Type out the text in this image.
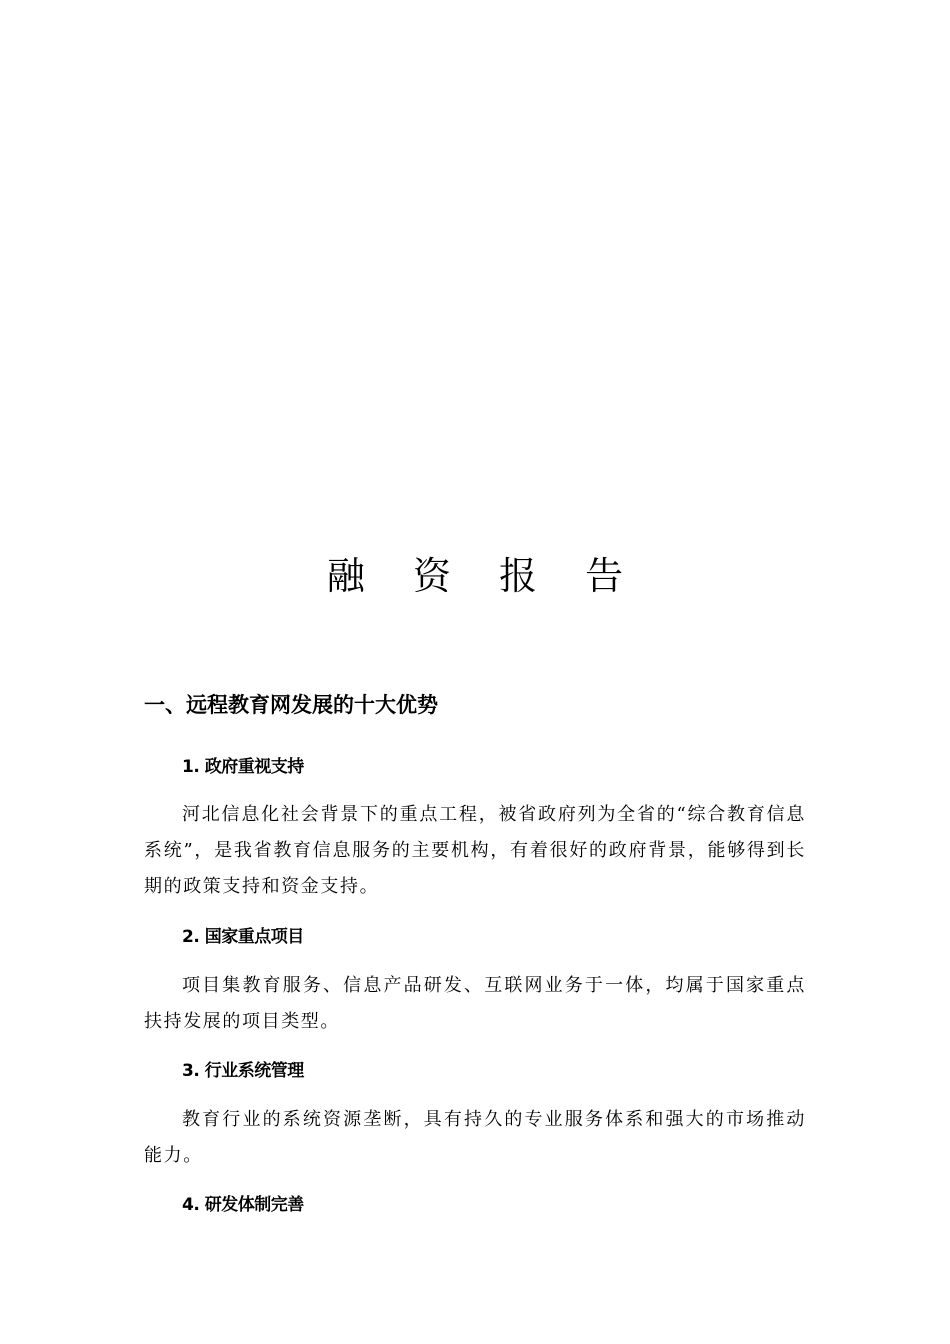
融 资 报 告
一、远程教育网发展的十大优势
1. 政府重视支持

河北信息化社会背景下的重点工程，被省政府列为全省的“综合教育信息系统”，是我省教育信息服务的主要机构，有着很好的政府背景，能够得到长期的政策支持和资金支持。

2. 国家重点项目

项目集教育服务、信息产品研发、互联网业务于一体，均属于国家重点扶持发展的项目类型。

3. 行业系统管理

教育行业的系统资源垄断，具有持久的专业服务体系和强大的市场推动能力。

4. 研发体制完善
